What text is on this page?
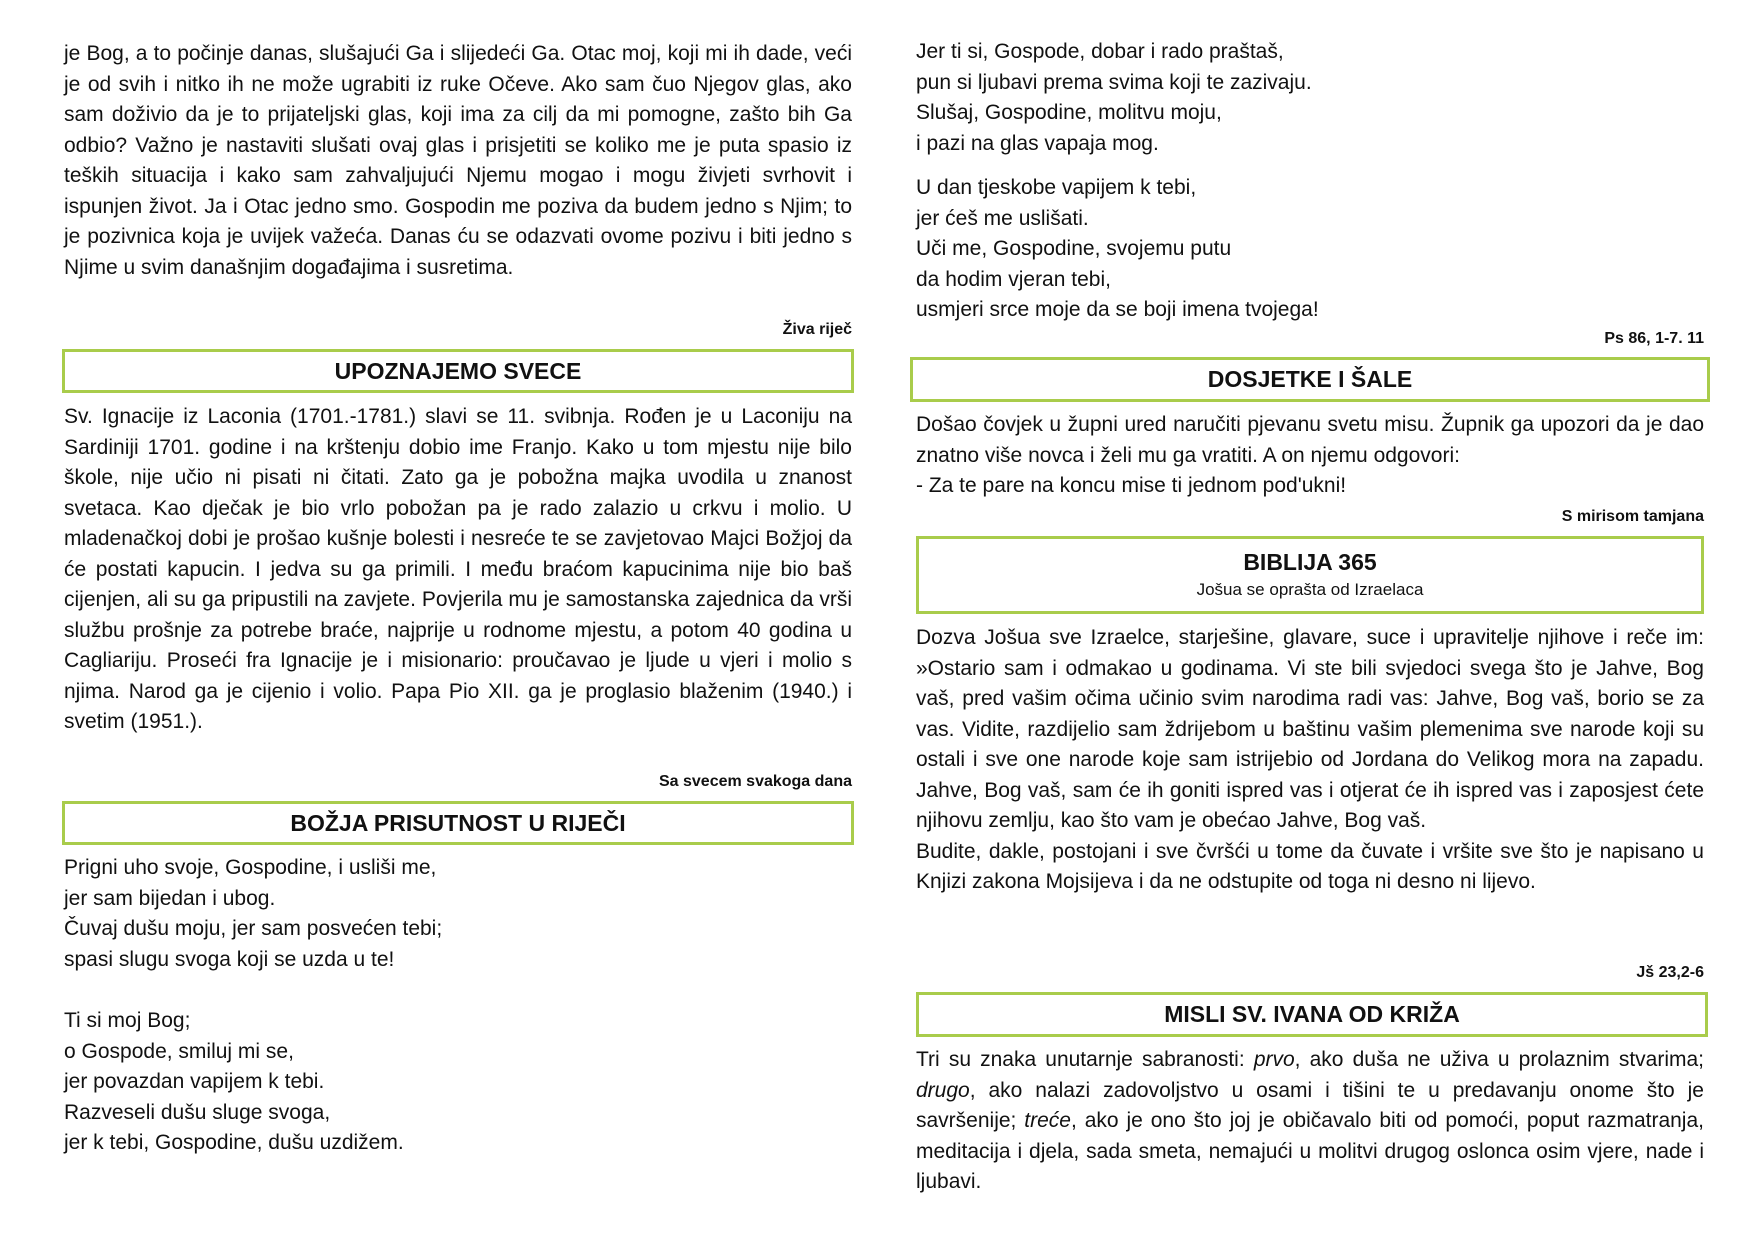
je Bog, a to počinje danas, slušajući Ga i slijedeći Ga. Otac moj, koji mi ih dade, veći je od svih i nitko ih ne može ugrabiti iz ruke Očeve. Ako sam čuo Njegov glas, ako sam doživio da je to prijateljski glas, koji ima za cilj da mi pomogne, zašto bih Ga odbio? Važno je nastaviti slušati ovaj glas i prisjetiti se koliko me je puta spasio iz teških situacija i kako sam zahvaljujući Njemu mogao i mogu živjeti svrhovit i ispunjen život. Ja i Otac jedno smo. Gospodin me poziva da budem jedno s Njim; to je pozivnica koja je uvijek važeća. Danas ću se odazvati ovome pozivu i biti jedno s Njime u svim današnjim događajima i susretima.

Živa riječ
UPOZNAJEMO SVECE

Sv. Ignacije iz Laconia (1701.-1781.) slavi se 11. svibnja. Rođen je u Laconiju na Sardiniji 1701. godine i na krštenju dobio ime Franjo. Kako u tom mjestu nije bilo škole, nije učio ni pisati ni čitati. Zato ga je pobožna majka uvodila u znanost svetaca. Kao dječak je bio vrlo pobožan pa je rado zalazio u crkvu i molio. U mladenačkoj dobi je prošao kušnje bolesti i nesreće te se zavjetovao Majci Božjoj da će postati kapucin. I jedva su ga primili. I među braćom kapucinima nije bio baš cijenjen, ali su ga pripustili na zavjete. Povjerila mu je samostanska zajednica da vrši službu prošnje za potrebe braće, najprije u rodnome mjestu, a potom 40 godina u Cagliariju. Proseći fra Ignacije je i misionario: proučavao je ljude u vjeri i molio s njima. Narod ga je cijenio i volio. Papa Pio XII. ga je proglasio blaženim (1940.) i svetim (1951.).

Sa svecem svakoga dana
BOŽJA PRISUTNOST U RIJEČI
Prigni uho svoje, Gospodine, i usliši me,
jer sam bijedan i ubog.
Čuvaj dušu moju, jer sam posvećen tebi;
spasi slugu svoga koji se uzda u te!
Ti si moj Bog;
o Gospode, smiluj mi se,
jer povazdan vapijem k tebi.
Razveseli dušu sluge svoga,
jer k tebi, Gospodine, dušu uzdižem.
Jer ti si, Gospode, dobar i rado praštaš,
pun si ljubavi prema svima koji te zazivaju.
Slušaj, Gospodine, molitvu moju,
i pazi na glas vapaja mog.
U dan tjeskobe vapijem k tebi,
jer ćeš me uslišati.
Uči me, Gospodine, svojemu putu
da hodim vjeran tebi,
usmjeri srce moje da se boji imena tvojega!
Ps 86, 1-7. 11
DOSJETKE I ŠALE

Došao čovjek u župni ured naručiti pjevanu svetu misu. Župnik ga upozori da je dao znatno više novca i želi mu ga vratiti. A on njemu odgovori:

- Za te pare na koncu mise ti jednom pod'ukni!

S mirisom tamjana
BIBLIJA 365
Jošua se oprašta od Izraelaca

Dozva Jošua sve Izraelce, starješine, glavare, suce i upravitelje njihove i reče im: »Ostario sam i odmakao u godinama. Vi ste bili svjedoci svega što je Jahve, Bog vaš, pred vašim očima učinio svim narodima radi vas: Jahve, Bog vaš, borio se za vas. Vidite, razdijelio sam ždrijebom u baštinu vašim plemenima sve narode koji su ostali i sve one narode koje sam istrijebio od Jordana do Velikog mora na zapadu. Jahve, Bog vaš, sam će ih goniti ispred vas i otjerat će ih ispred vas i zaposjest ćete njihovu zemlju, kao što vam je obećao Jahve, Bog vaš.

Budite, dakle, postojani i sve čvršći u tome da čuvate i vršite sve što je napisano u Knjizi zakona Mojsijeva i da ne odstupite od toga ni desno ni lijevo.

Jš 23,2-6
MISLI SV. IVANA OD KRIŽA

Tri su znaka unutarnje sabranosti: prvo, ako duša ne uživa u prolaznim stvarima; drugo, ako nalazi zadovoljstvo u osami i tišini te u predavanju onome što je savršenije; treće, ako je ono što joj je običavalo biti od pomoći, poput razmatranja, meditacija i djela, sada smeta, nemajući u molitvi drugog oslonca osim vjere, nade i ljubavi.
